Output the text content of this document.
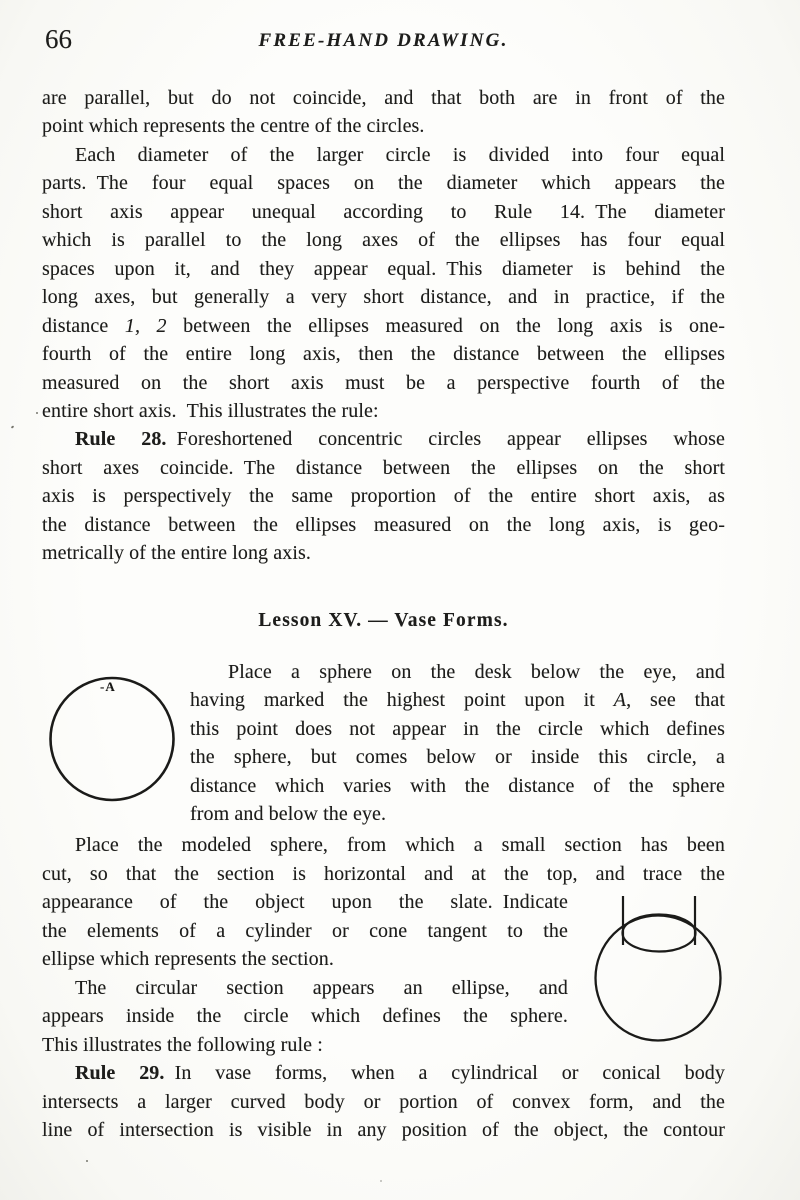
66	FREE-HAND DRAWING.
are parallel, but do not coincide, and that both are in front of the
point which represents the centre of the circles.
Each diameter of the larger circle is divided into four equal
parts. The four equal spaces on the diameter which appears the
short axis appear unequal according to Rule 14. The diameter
which is parallel to the long axes of the ellipses has four equal
spaces upon it, and they appear equal. This diameter is behind the
long axes, but generally a very short distance, and in practice, if the
distance 1, 2 between the ellipses measured on the long axis is one-
fourth of the entire long axis, then the distance between the ellipses
measured on the short axis must be a perspective fourth of the
entire short axis. This illustrates the rule:
Rule 28. Foreshortened concentric circles appear ellipses whose
short axes coincide. The distance between the ellipses on the short
axis is perspectively the same proportion of the entire short axis, as
the distance between the ellipses measured on the long axis, is geo-
metrically of the entire long axis.
Lesson XV. — Vase Forms.
Place a sphere on the desk below the eye, and
having marked the highest point upon it A, see that
this point does not appear in the circle which defines
the sphere, but comes below or inside this circle, a
distance which varies with the distance of the sphere
from and below the eye.
Place the modeled sphere, from which a small section has been
cut, so that the section is horizontal and at the top, and trace the
appearance of the object upon the slate. Indicate
the elements of a cylinder or cone tangent to the
ellipse which represents the section.
The circular section appears an ellipse, and
appears inside the circle which defines the sphere.
This illustrates the following rule :
Rule 29. In vase forms, when a cylindrical or conical body
intersects a larger curved body or portion of convex form, and the
line of intersection is visible in any position of the object, the contour
-A
